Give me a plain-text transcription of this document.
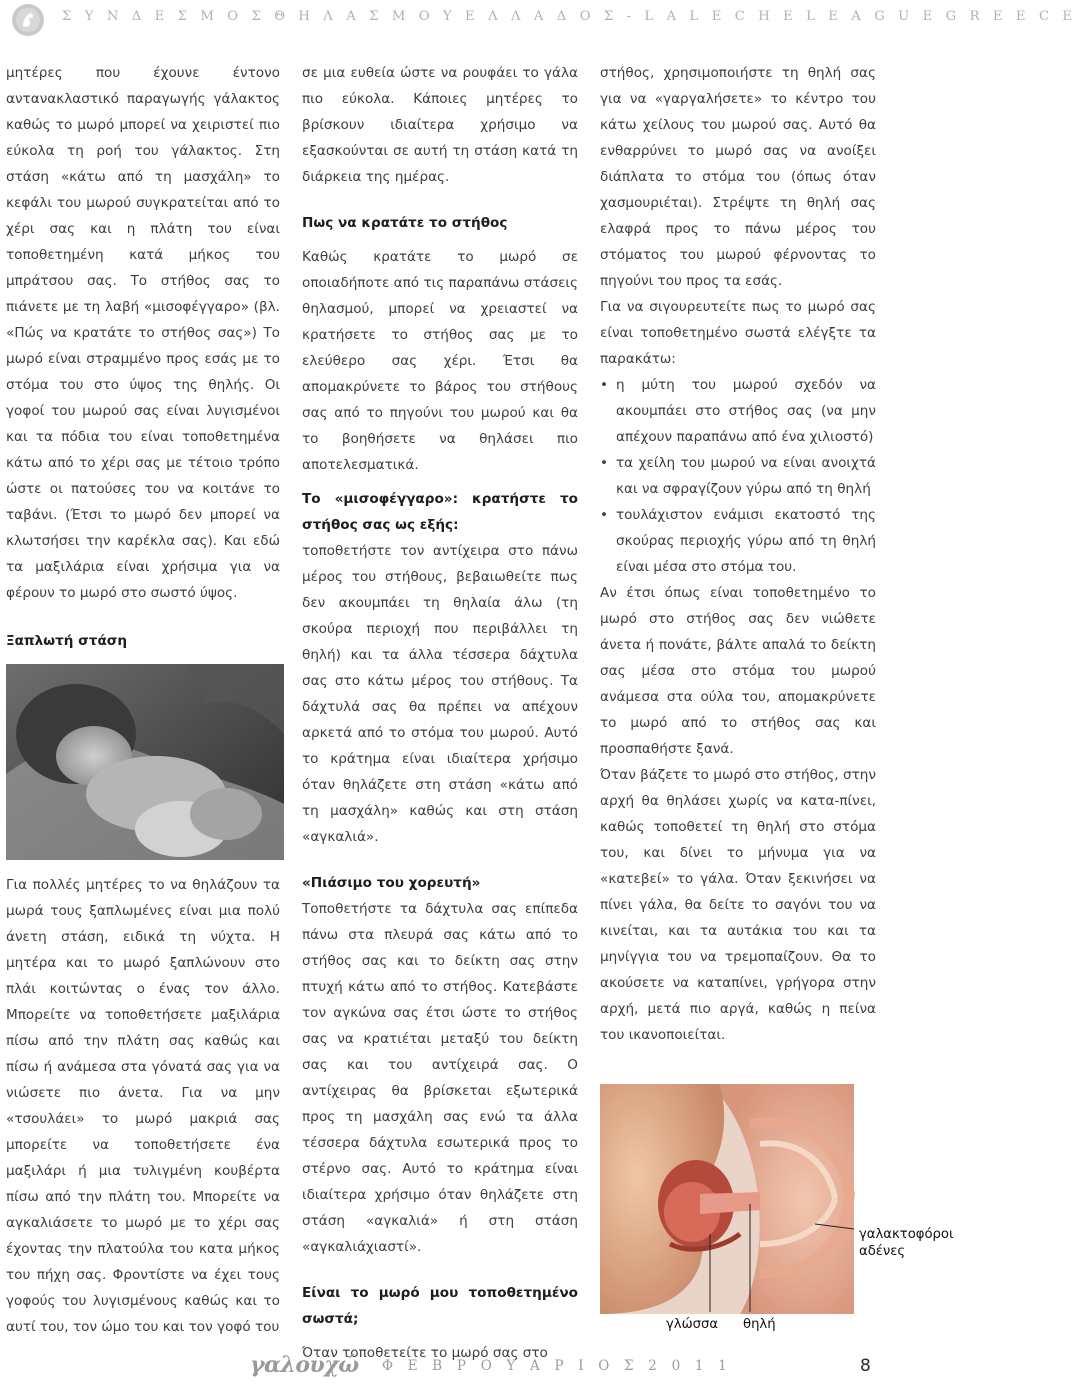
Σ Υ Ν Δ Ε Σ Μ Ο Σ Θ Η Λ Α Σ Μ Ο Υ Ε Λ Λ Α Δ Ο Σ - L A L E C H E L E A G U E G R E E C E

μητέρες που έχουνε έντονο αντανακλαστικό παραγωγής γάλακτος καθώς το μωρό μπορεί να χειριστεί πιο εύκολα τη ροή του γάλακτος. Στη στάση «κάτω από τη μασχάλη» το κεφάλι του μωρού συγκρατείται από το χέρι σας και η πλάτη του είναι τοποθετημένη κατά μήκος του μπράτσου σας. Το στήθος σας το πιάνετε με τη λαβή «μισοφέγγαρο» (βλ. «Πώς να κρατάτε το στήθος σας») Το μωρό είναι στραμμένο προς εσάς με το στόμα του στο ύψος της θηλής. Οι γοφοί του μωρού σας είναι λυγισμένοι και τα πόδια του είναι τοποθετημένα κάτω από το χέρι σας με τέτοιο τρόπο ώστε οι πατούσες του να κοιτάνε το ταβάνι. (Έτσι το μωρό δεν μπορεί να κλωτσήσει την καρέκλα σας). Και εδώ τα μαξιλάρια είναι χρήσιμα για να φέρουν το μωρό στο σωστό ύψος.

Ξαπλωτή στάση

Για πολλές μητέρες το να θηλάζουν τα μωρά τους ξαπλωμένες είναι μια πολύ άνετη στάση, ειδικά τη νύχτα. Η μητέρα και το μωρό ξαπλώνουν στο πλάι κοιτώντας ο ένας τον άλλο. Μπορείτε να τοποθετήσετε μαξιλάρια πίσω από την πλάτη σας καθώς και πίσω ή ανάμεσα στα γόνατά σας για να νιώσετε πιο άνετα. Για να μην «τσουλάει» το μωρό μακριά σας μπορείτε να τοποθετήσετε ένα μαξιλάρι ή μια τυλιγμένη κουβέρτα πίσω από την πλάτη του. Μπορείτε να αγκαλιάσετε το μωρό με το χέρι σας έχοντας την πλατούλα του κατα μήκος του πήχη σας. Φροντίστε να έχει τους γοφούς του λυγισμένους καθώς και το αυτί του, τον ώμο του και τον γοφό του

σε μια ευθεία ώστε να ρουφάει το γάλα πιο εύκολα. Κάποιες μητέρες το βρίσκουν ιδιαίτερα χρήσιμο να εξασκούνται σε αυτή τη στάση κατά τη διάρκεια της ημέρας.

Πως να κρατάτε το στήθος

Καθώς κρατάτε το μωρό σε οποιαδήποτε από τις παραπάνω στάσεις θηλασμού, μπορεί να χρειαστεί να κρατήσετε το στήθος σας με το ελεύθερο σας χέρι. Έτσι θα απομακρύνετε το βάρος του στήθους σας από το πηγούνι του μωρού και θα το βοηθήσετε να θηλάσει πιο αποτελεσματικά.

Το «μισοφέγγαρο»: κρατήστε το στήθος σας ως εξής:

τοποθετήστε τον αντίχειρα στο πάνω μέρος του στήθους, βεβαιωθείτε πως δεν ακουμπάει τη θηλαία άλω (τη σκούρα περιοχή που περιβάλλει τη θηλή) και τα άλλα τέσσερα δάχτυλα σας στο κάτω μέρος του στήθους. Τα δάχτυλά σας θα πρέπει να απέχουν αρκετά από το στόμα του μωρού. Αυτό το κράτημα είναι ιδιαίτερα χρήσιμο όταν θηλάζετε στη στάση «κάτω από τη μασχάλη» καθώς και στη στάση «αγκαλιά».

«Πιάσιμο του χορευτή»

Τοποθετήστε τα δάχτυλα σας επίπεδα πάνω στα πλευρά σας κάτω από το στήθος σας και το δείκτη σας στην πτυχή κάτω από το στήθος. Κατεβάστε τον αγκώνα σας έτσι ώστε το στήθος σας να κρατιέται μεταξύ του δείκτη σας και του αντίχειρά σας. Ο αντίχειρας θα βρίσκεται εξωτερικά προς τη μασχάλη σας ενώ τα άλλα τέσσερα δάχτυλα εσωτερικά προς το στέρνο σας. Αυτό το κράτημα είναι ιδιαίτερα χρήσιμο όταν θηλάζετε στη στάση «αγκαλιά» ή στη στάση «αγκαλιάχιαστί».

Είναι το μωρό μου τοποθετημένο σωστά;

Όταν τοποθετείτε το μωρό σας στο

στήθος, χρησιμοποιήστε τη θηλή σας για να «γαργαλήσετε» το κέντρο του κάτω χείλους του μωρού σας. Αυτό θα ενθαρρύνει το μωρό σας να ανοίξει διάπλατα το στόμα του (όπως όταν χασμουριέται). Στρέψτε τη θηλή σας ελαφρά προς το πάνω μέρος του στόματος του μωρού φέρνοντας το πηγούνι του προς τα εσάς.

Για να σιγουρευτείτε πως το μωρό σας είναι τοποθετημένο σωστά ελέγξτε τα παρακάτω:

• η μύτη του μωρού σχεδόν να ακουμπάει στο στήθος σας (να μην απέχουν παραπάνω από ένα χιλιοστό)

• τα χείλη του μωρού να είναι ανοιχτά και να σφραγίζουν γύρω από τη θηλή

• τουλάχιστον ενάμισι εκατοστό της σκούρας περιοχής γύρω από τη θηλή είναι μέσα στο στόμα του.

Αν έτσι όπως είναι τοποθετημένο το μωρό στο στήθος σας δεν νιώθετε άνετα ή πονάτε, βάλτε απαλά το δείκτη σας μέσα στο στόμα του μωρού ανάμεσα στα ούλα του, απομακρύνετε το μωρό από το στήθος σας και προσπαθήστε ξανά.

Όταν βάζετε το μωρό στο στήθος, στην αρχή θα θηλάσει χωρίς να κατα-πίνει, καθώς τοποθετεί τη θηλή στο στόμα του, και δίνει το μήνυμα για να «κατεβεί» το γάλα. Όταν ξεκινήσει να πίνει γάλα, θα δείτε το σαγόνι του να κινείται, και τα αυτάκια του και τα μηνίγγια του να τρεμοπαίζουν. Θα το ακούσετε να καταπίνει, γρήγορα στην αρχή, μετά πιο αργά, καθώς η πείνα του ικανοποιείται.

γαλακτοφόροι αδένες
γλώσσα θηλή
γαλουχώ Φ Ε Β Ρ Ο Υ Α Ρ Ι Ο Σ 2 0 1 1	8
